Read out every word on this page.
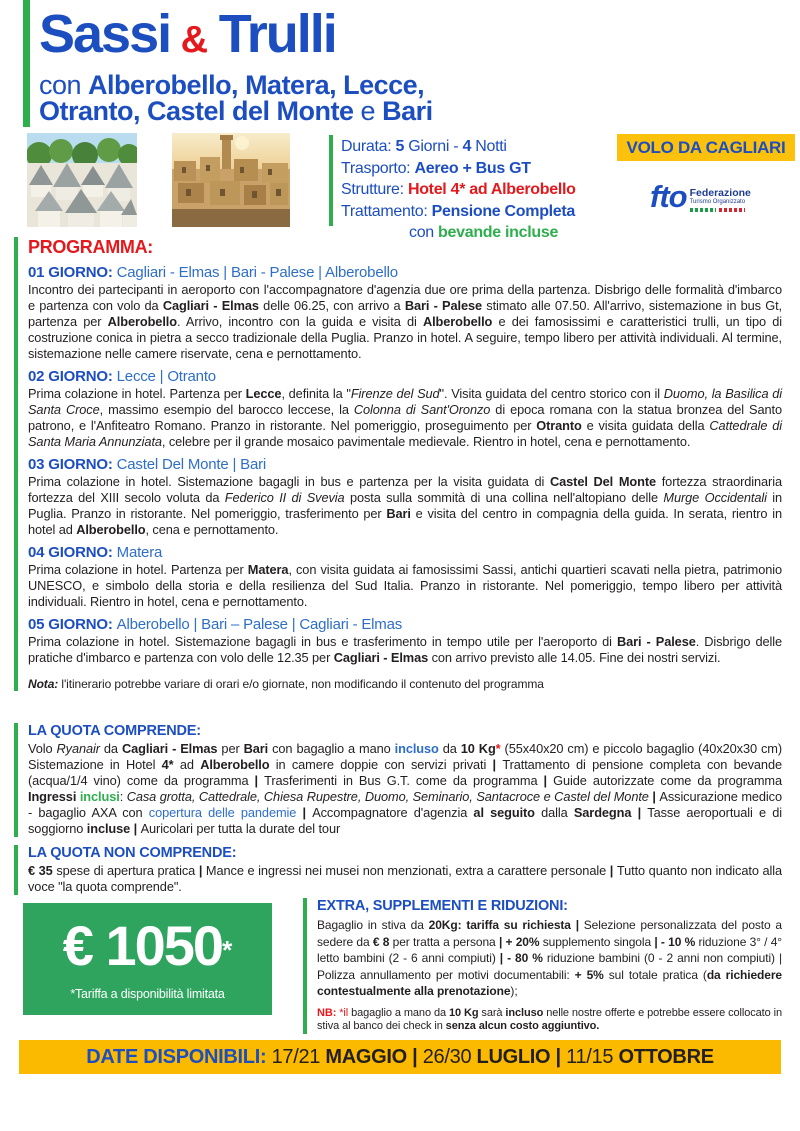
Sassi & Trulli
con Alberobello, Matera, Lecce,
Otranto, Castel del Monte e Bari
Durata: 5 Giorni - 4 Notti
Trasporto: Aereo + Bus GT
Strutture: Hotel 4* ad Alberobello
Trattamento: Pensione Completa
con bevande incluse
VOLO DA CAGLIARI
fto Federazione
Turismo Organizzato
PROGRAMMA:
01 GIORNO: Cagliari - Elmas | Bari - Palese | Alberobello

Incontro dei partecipanti in aeroporto con l'accompagnatore d'agenzia due ore prima della partenza. Disbrigo delle formalità d'imbarco e partenza con volo da Cagliari - Elmas delle 06.25, con arrivo a Bari - Palese stimato alle 07.50. All'arrivo, sistemazione in bus Gt, partenza per Alberobello. Arrivo, incontro con la guida e visita di Alberobello e dei famosissimi e caratteristici trulli, un tipo di costruzione conica in pietra a secco tradizionale della Puglia. Pranzo in hotel. A seguire, tempo libero per attività individuali. Al termine, sistemazione nelle camere riservate, cena e pernottamento.

02 GIORNO: Lecce | Otranto

Prima colazione in hotel. Partenza per Lecce, definita la "Firenze del Sud". Visita guidata del centro storico con il Duomo, la Basilica di Santa Croce, massimo esempio del barocco leccese, la Colonna di Sant'Oronzo di epoca romana con la statua bronzea del Santo patrono, e l'Anfiteatro Romano. Pranzo in ristorante. Nel pomeriggio, proseguimento per Otranto e visita guidata della Cattedrale di Santa Maria Annunziata, celebre per il grande mosaico pavimentale medievale. Rientro in hotel, cena e pernottamento.

03 GIORNO: Castel Del Monte | Bari

Prima colazione in hotel. Sistemazione bagagli in bus e partenza per la visita guidata di Castel Del Monte fortezza straordinaria fortezza del XIII secolo voluta da Federico II di Svevia posta sulla sommità di una collina nell'altopiano delle Murge Occidentali in Puglia. Pranzo in ristorante. Nel pomeriggio, trasferimento per Bari e visita del centro in compagnia della guida. In serata, rientro in hotel ad Alberobello, cena e pernottamento.

04 GIORNO: Matera

Prima colazione in hotel. Partenza per Matera, con visita guidata ai famosissimi Sassi, antichi quartieri scavati nella pietra, patrimonio UNESCO, e simbolo della storia e della resilienza del Sud Italia. Pranzo in ristorante. Nel pomeriggio, tempo libero per attività individuali. Rientro in hotel, cena e pernottamento.

05 GIORNO: Alberobello | Bari – Palese | Cagliari - Elmas

Prima colazione in hotel. Sistemazione bagagli in bus e trasferimento in tempo utile per l'aeroporto di Bari - Palese. Disbrigo delle pratiche d'imbarco e partenza con volo delle 12.35 per Cagliari - Elmas con arrivo previsto alle 14.05. Fine dei nostri servizi.

Nota: l'itinerario potrebbe variare di orari e/o giornate, non modificando il contenuto del programma

LA QUOTA COMPRENDE:

Volo Ryanair da Cagliari - Elmas per Bari con bagaglio a mano incluso da 10 Kg* (55x40x20 cm) e piccolo bagaglio (40x20x30 cm) Sistemazione in Hotel 4* ad Alberobello in camere doppie con servizi privati | Trattamento di pensione completa con bevande (acqua/1/4 vino) come da programma | Trasferimenti in Bus G.T. come da programma | Guide autorizzate come da programma Ingressi inclusi: Casa grotta, Cattedrale, Chiesa Rupestre, Duomo, Seminario, Santacroce e Castel del Monte | Assicurazione medico - bagaglio AXA con copertura delle pandemie | Accompagnatore d'agenzia al seguito dalla Sardegna | Tasse aeroportuali e di soggiorno incluse | Auricolari per tutta la durate del tour

LA QUOTA NON COMPRENDE:

€ 35 spese di apertura pratica | Mance e ingressi nei musei non menzionati, extra a carattere personale | Tutto quanto non indicato alla voce "la quota comprende".

€ 1050*
*Tariffa a disponibilità limitata
EXTRA, SUPPLEMENTI E RIDUZIONI:

Bagaglio in stiva da 20Kg: tariffa su richiesta | Selezione personalizzata del posto a sedere da € 8 per tratta a persona | + 20% supplemento singola | - 10 % riduzione 3° / 4° letto bambini (2 - 6 anni compiuti) | - 80 % riduzione bambini (0 - 2 anni non compiuti) | Polizza annullamento per motivi documentabili: + 5% sul totale pratica (da richiedere contestualmente alla prenotazione);

NB: *il bagaglio a mano da 10 Kg sarà incluso nelle nostre offerte e potrebbe essere collocato in stiva al banco dei check in senza alcun costo aggiuntivo.

DATE DISPONIBILI: 17/21 MAGGIO | 26/30 LUGLIO | 11/15 OTTOBRE
